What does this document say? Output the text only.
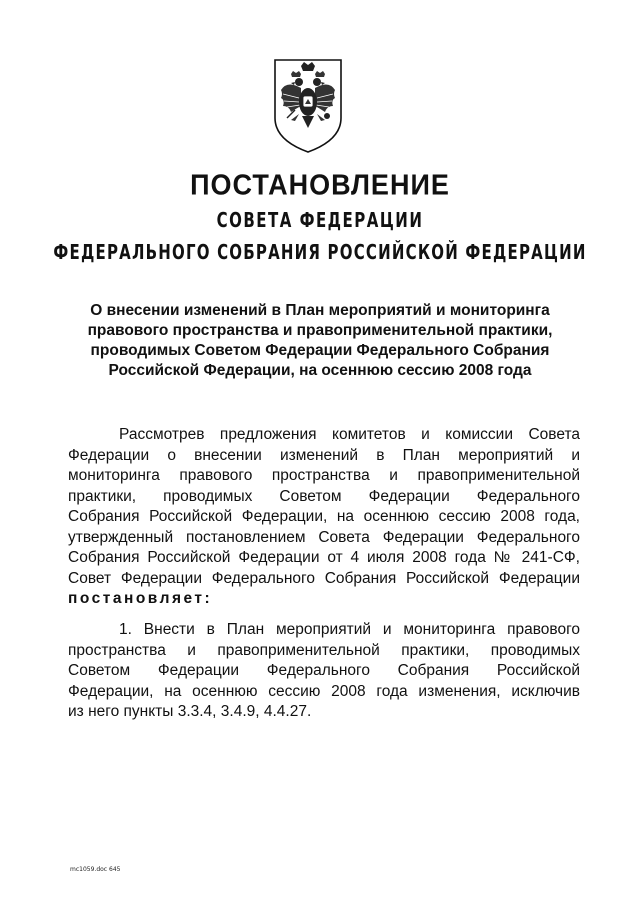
ПОСТАНОВЛЕНИЕ
СОВЕТА ФЕДЕРАЦИИ
ФЕДЕРАЛЬНОГО СОБРАНИЯ РОССИЙСКОЙ ФЕДЕРАЦИИ
О внесении изменений в План мероприятий и мониторинга
правового пространства и правоприменительной практики,
проводимых Советом Федерации Федерального Собрания
Российской Федерации, на осеннюю сессию 2008 года
Рассмотрев предложения комитетов и комиссии Совета
Федерации о внесении изменений в План мероприятий и
мониторинга правового пространства и правоприменительной
практики, проводимых Советом Федерации Федерального
Собрания Российской Федерации, на осеннюю сессию 2008 года,
утвержденный постановлением Совета Федерации Федерального
Собрания Российской Федерации от 4 июля 2008 года № 241-СФ,
Совет Федерации Федерального Собрания Российской Федерации
постановляет:
1. Внести в План мероприятий и мониторинга правового
пространства и правоприменительной практики, проводимых
Советом Федерации Федерального Собрания Российской
Федерации, на осеннюю сессию 2008 года изменения, исключив
из него пункты 3.3.4, 3.4.9, 4.4.27.
mc1059.doc 645
